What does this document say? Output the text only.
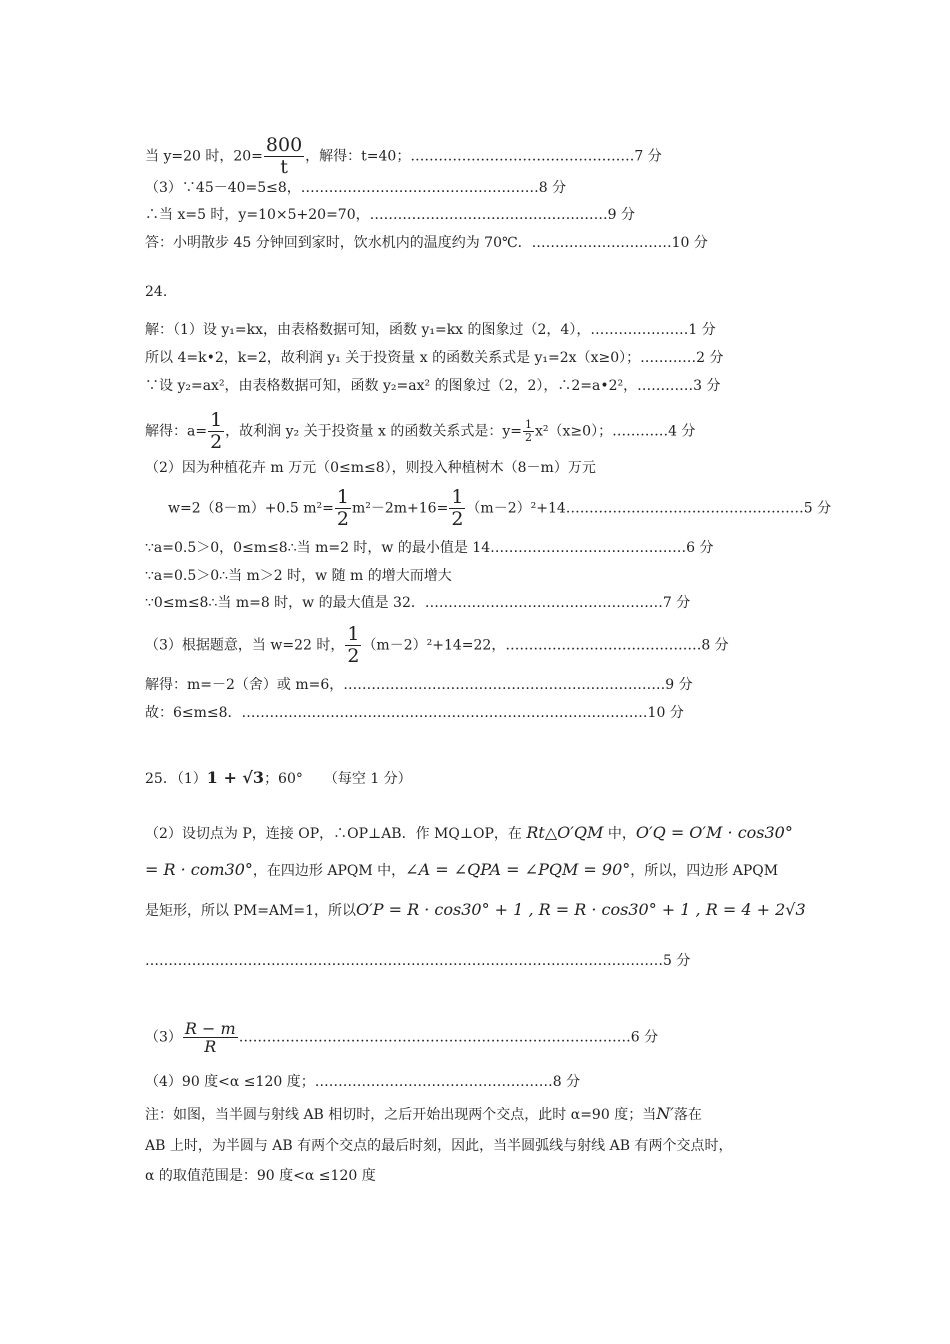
当 y=20 时，$20= \frac{800}{t}$ ，解得：t=40；…………………………………………7 分
（3）∵45－40=5≤8，……………………………………………8 分
∴当 x=5 时，y=10×5+20=70，……………………………………………9 分
答：小明散步 45 分钟回到家时，饮水机内的温度约为 70℃．…………………………10 分
24.
解：（1）设 y₁=kx，由表格数据可知，函数 y₁=kx 的图象过（2，4），…………………1 分
所以 4=k•2，k=2，故利润 y₁ 关于投资量 x 的函数关系式是 y₁=2x（x≥0）；…………2 分
∵设 y₂=ax²，由表格数据可知，函数 y₂=ax² 的图象过（2，2），∴2=a•2²，…………3 分
解得：$a= \frac{1}{2}$ ，故利润 y₂ 关于投资量 x 的函数关系式是：$y= \frac{1}{2} x^2(x\ge 0)$；…………4 分
（2）因为种植花卉 m 万元（0≤m≤8），则投入种植树木（8－m）万元
w=2（8－m）+0.5 $m^2= \frac{1}{2} m^2-2m+16= \frac{1}{2}$ （m－2）²+14……………………………………………5 分
∵a=0.5＞0，0≤m≤8∴当 m=2 时，w 的最小值是 14……………………………………6 分
∵a=0.5＞0∴当 m＞2 时，w 随 m 的增大而增大
∵0≤m≤8∴当 m=8 时，w 的最大值是 32．……………………………………………7 分
（3）根据题意，当 w=22 时， $\frac{1}{2} (m-2)^2+14=22$，……………………………………8 分
解得：m=－2（舍）或 m=6，……………………………………………………………9 分
故：6≤m≤8．……………………………………………………………………………10 分
25．（1）1 + √3；60°　　（每空 1 分）
（2）设切点为 P，连接 OP，∴OP⊥AB．作 MQ⊥OP，在 Rt△O′QM 中，O′Q = O′M · cos30°
= R · com30°，在四边形 APQM 中，∠A = ∠QPA = ∠PQM = 90°，所以，四边形 APQM
是矩形，所以 PM=AM=1，所以O′P = R · cos30° + 1 , R = R · cos30° + 1 , R = 4 + 2√3
…………………………………………………………………………………………………5 分
$(3) \frac{R - m}{R}$ …………………………………………………………………………6 分
（4）90 度<α ≤120 度；……………………………………………8 分
注：如图，当半圆与射线 AB 相切时，之后开始出现两个交点，此时 α=90 度；当N′落在
AB 上时，为半圆与 AB 有两个交点的最后时刻，因此，当半圆弧线与射线 AB 有两个交点时，
α 的取值范围是：90 度<α ≤120 度
